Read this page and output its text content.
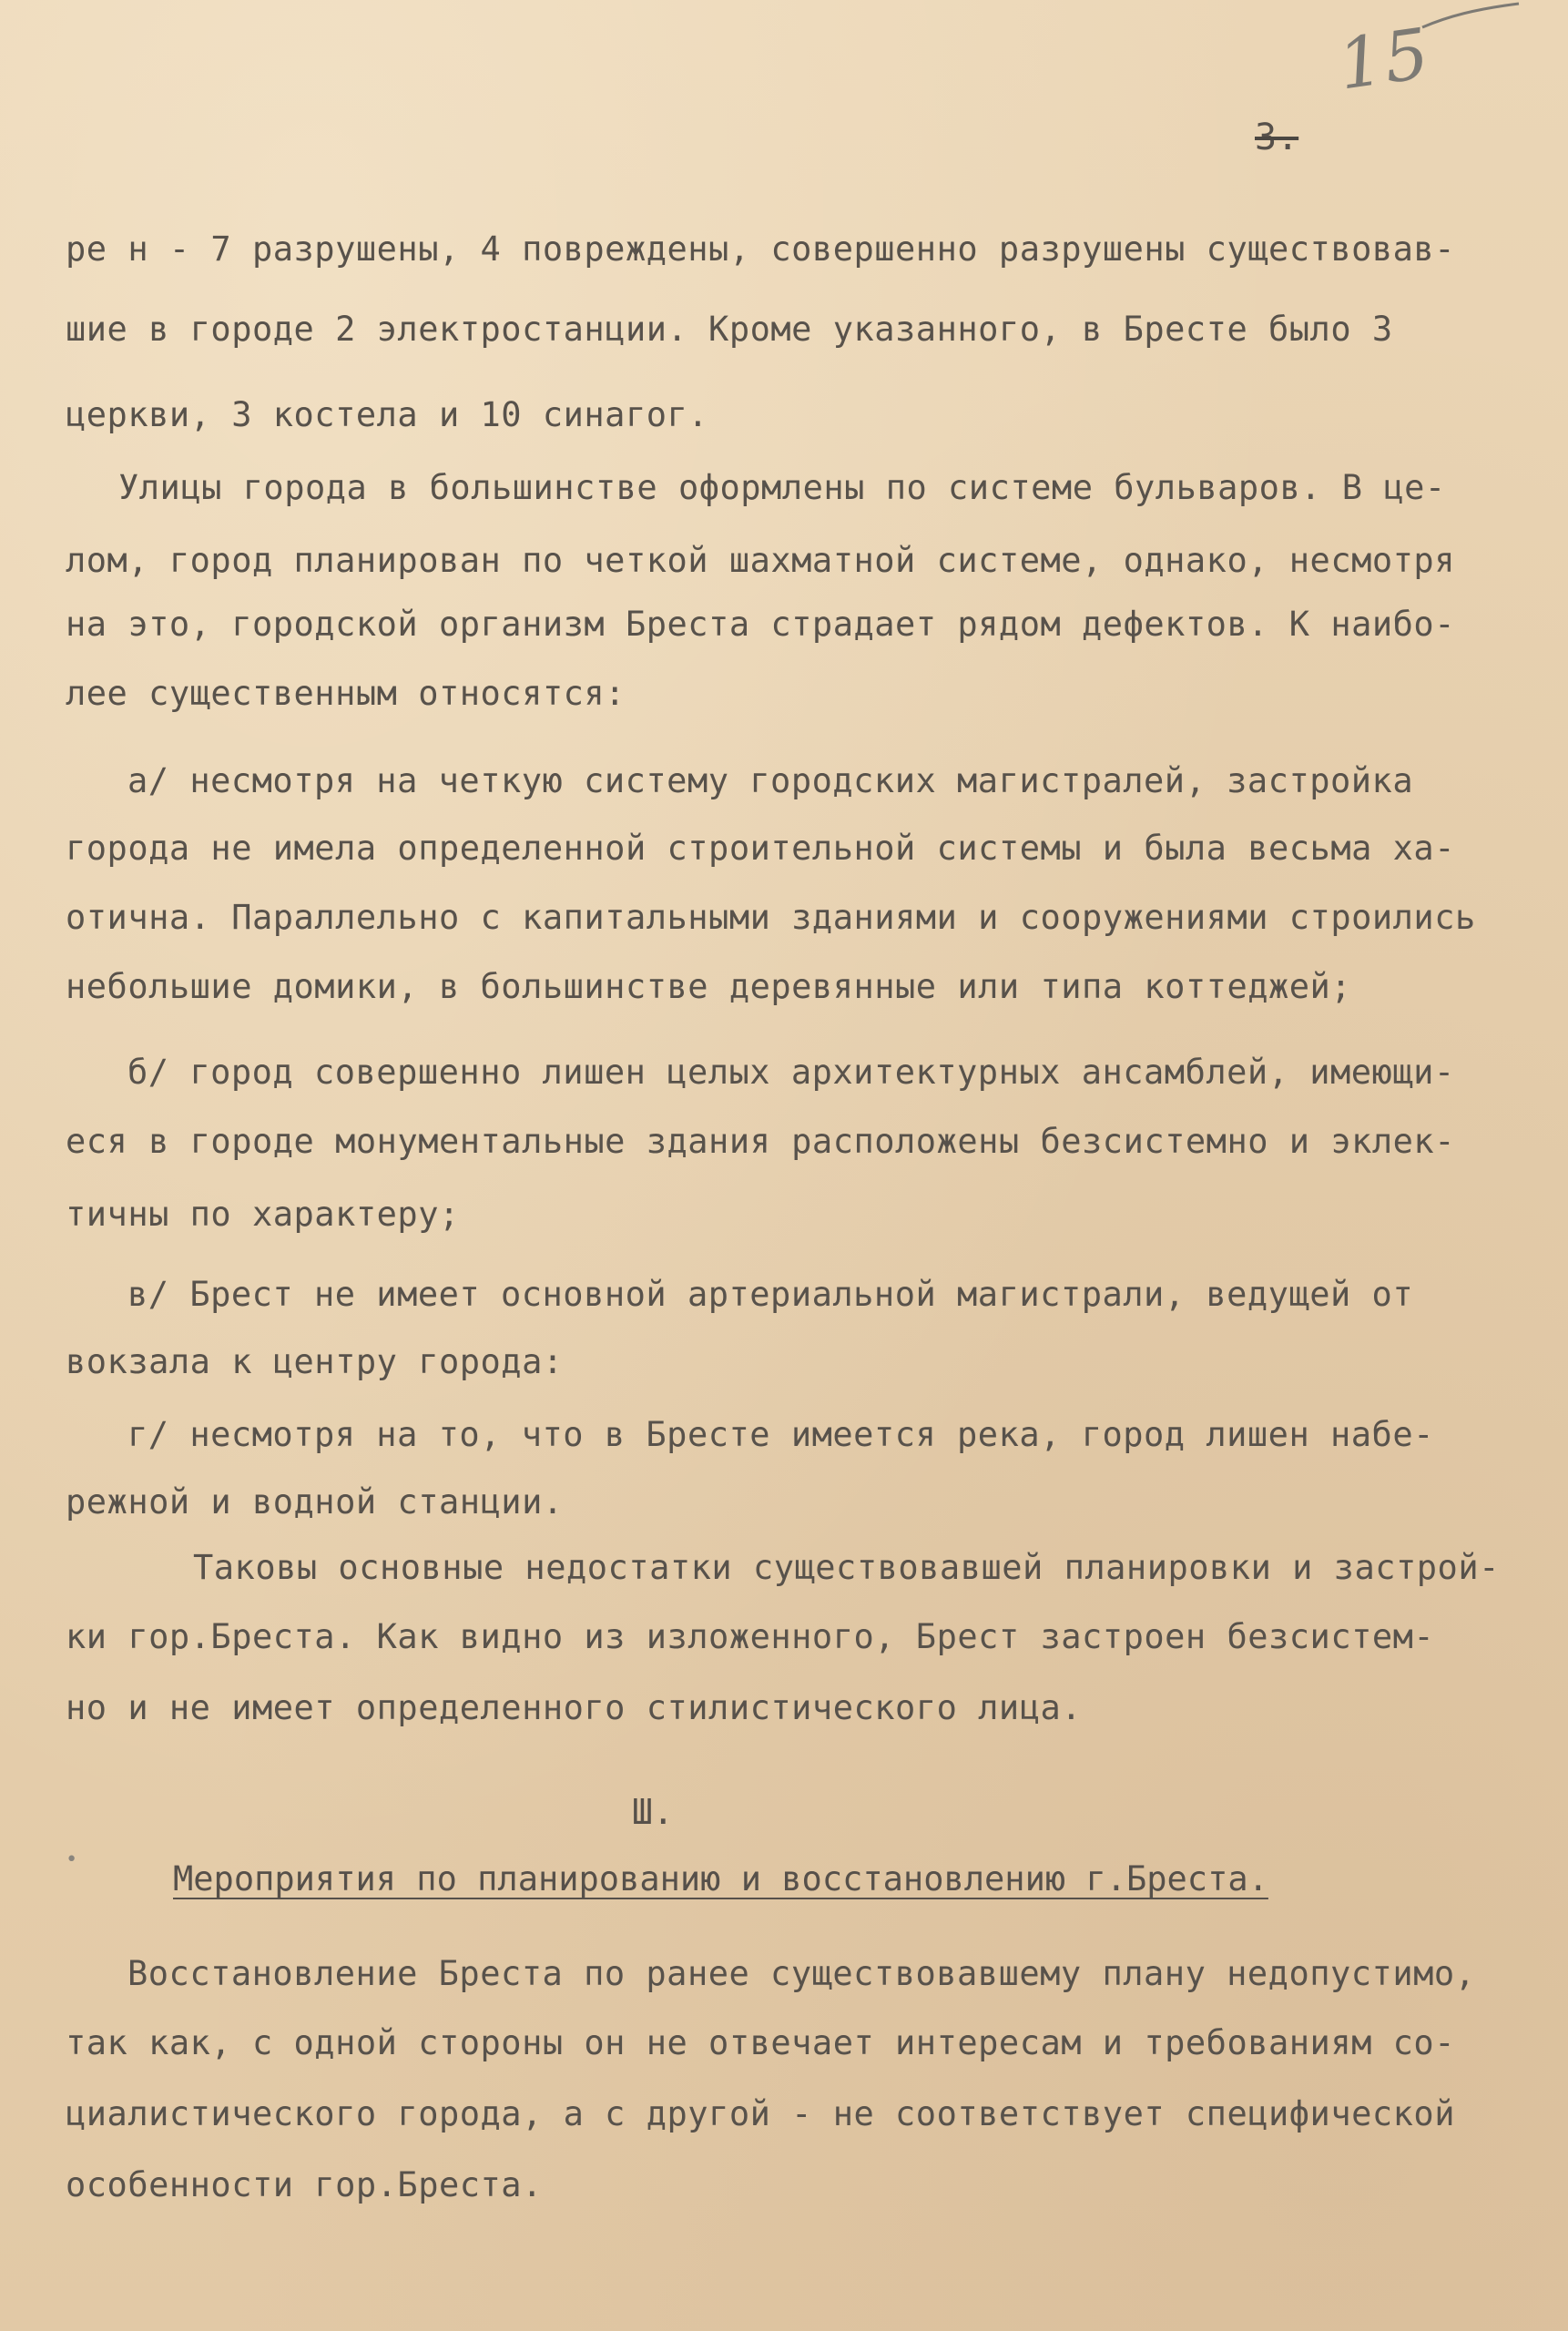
15
3.
ре н - 7 разрушены, 4 повреждены, совершенно разрушены существовав-
шие в городе 2 электростанции. Кроме указанного, в Бресте было 3
церкви, 3 костела и 10 синагог.
Улицы города в большинстве оформлены по системе бульваров. В це-
лом, город планирован по четкой шахматной системе, однако, несмотря
на это, городской организм Бреста страдает рядом дефектов. К наибо-
лее существенным относятся:
а/ несмотря на четкую систему городских магистралей, застройка
города не имела определенной строительной системы и была весьма ха-
отична. Параллельно с капитальными зданиями и сооружениями строились
небольшие домики, в большинстве деревянные или типа коттеджей;
б/ город совершенно лишен целых архитектурных ансамблей, имеющи-
еся в городе монументальные здания расположены безсистемно и эклек-
тичны по характеру;
в/ Брест не имеет основной артериальной магистрали, ведущей от
вокзала к центру города:
г/ несмотря на то, что в Бресте имеется река, город лишен набе-
режной и водной станции.
Таковы основные недостатки существовавшей планировки и застрой-
ки гор.Бреста. Как видно из изложенного, Брест застроен безсистем-
но и не имеет определенного стилистического лица.
Ш.
•	Мероприятия по планированию и восстановлению г.Бреста.
Восстановление Бреста по ранее существовавшему плану недопустимо,
так как, с одной стороны он не отвечает интересам и требованиям со-
циалистического города, а с другой - не соответствует специфической
особенности гор.Бреста.
